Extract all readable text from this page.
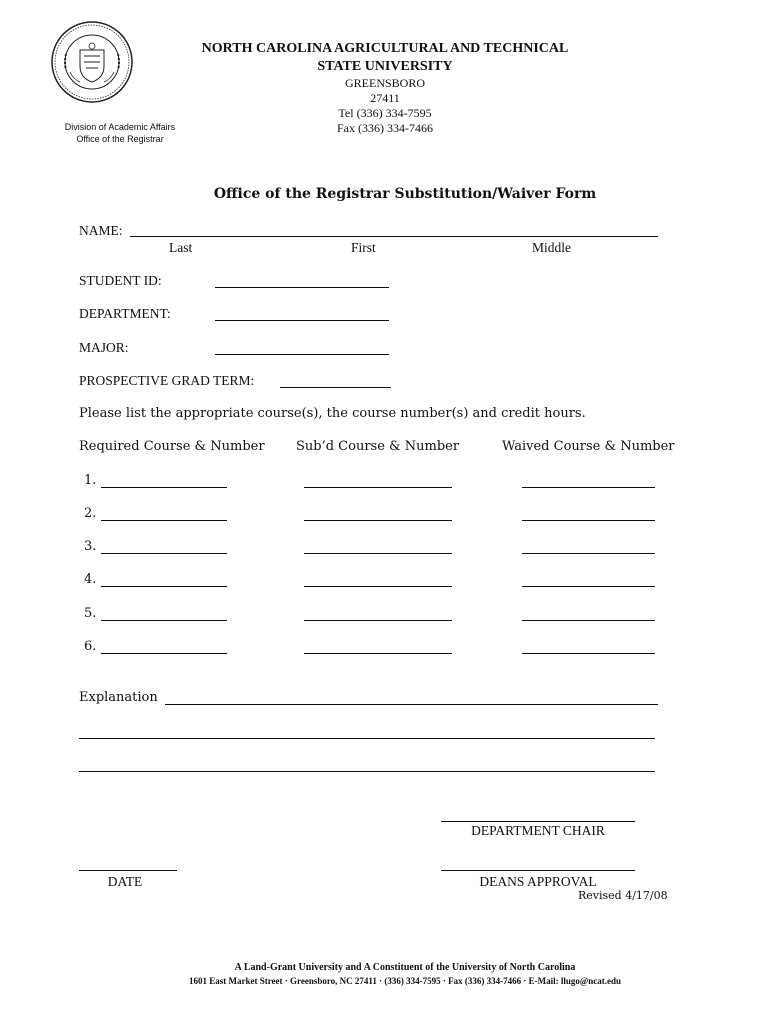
NORTH CAROLINA AGRICULTURAL AND TECHNICAL
STATE UNIVERSITY
GREENSBORO
27411
Tel (336) 334-7595
Fax (336) 334-7466
Division of Academic Affairs
Office of the Registrar
Office of the Registrar Substitution/Waiver Form
NAME:
Last	First	Middle
STUDENT ID:
DEPARTMENT:
MAJOR:
PROSPECTIVE GRAD TERM:
Please list the appropriate course(s), the course number(s) and credit hours.
Required Course & Number Sub’d Course & Number	Waived Course & Number
1.
2.
3.
4.
5.
6.
Explanation
DEPARTMENT CHAIR
DATE	DEANS APPROVAL
Revised 4/17/08
A Land-Grant University and A Constituent of the University of North Carolina
1601 East Market Street · Greensboro, NC 27411 · (336) 334-7595 · Fax (336) 334-7466 · E-Mail: llugo@ncat.edu
